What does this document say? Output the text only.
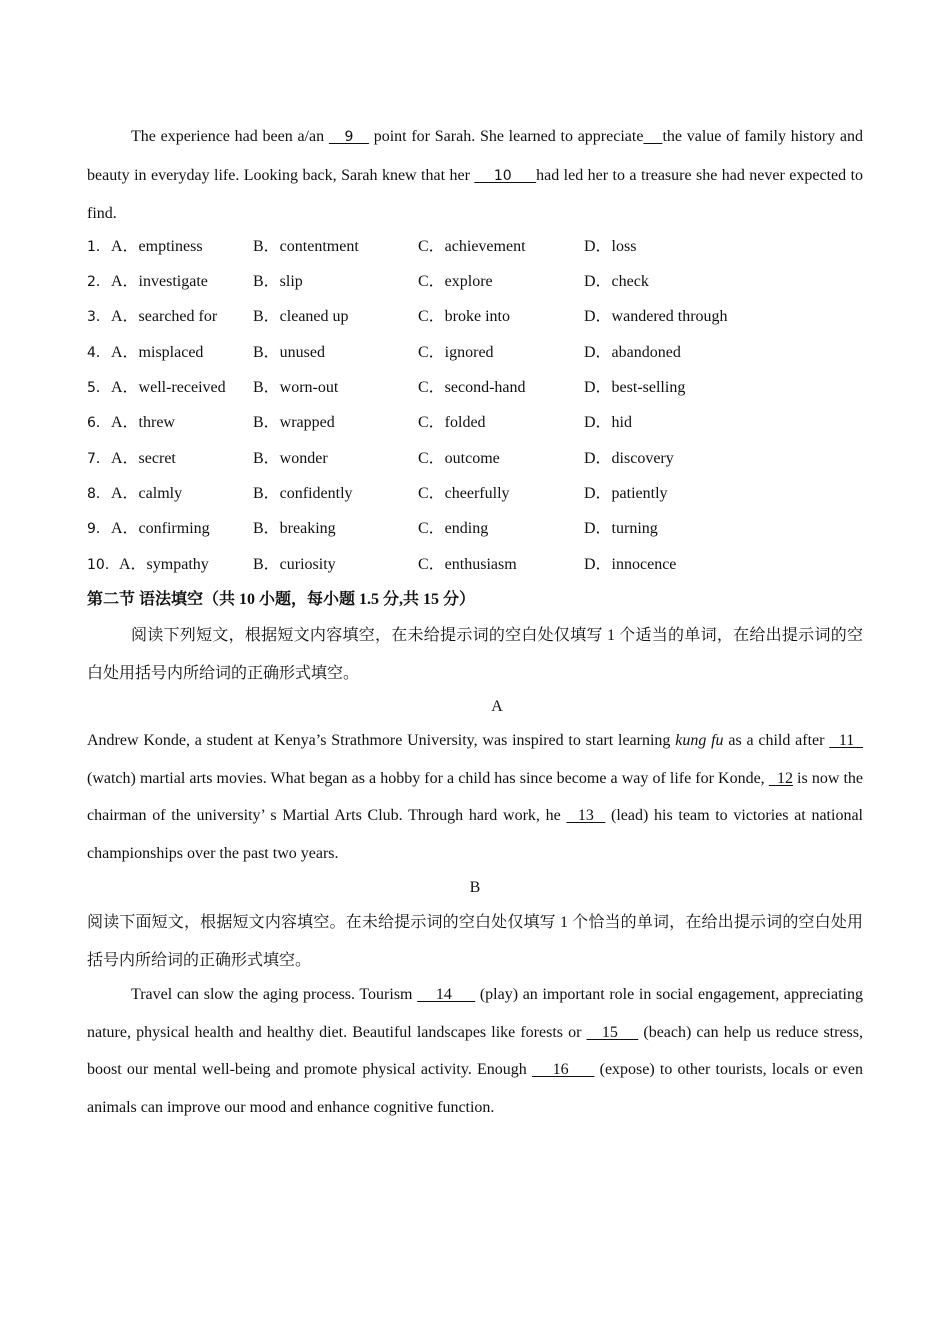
The experience had been a/an    9    point for Sarah. She learned to appreciate the value of family history and beauty in everyday life. Looking back, Sarah knew that her     10     had led her to a treasure she had never expected to find.

1． A．emptiness	B．contentment	C．achievement	D．loss
2． A．investigate	B．slip	C．explore	D．check
3． A．searched for B．cleaned up	C．broke into	D．wandered through
4． A．misplaced	B．unused	C．ignored	D．abandoned
5． A．well-received B．worn-out	C．second-hand	D．best-selling
6． A．threw	B．wrapped	C．folded	D．hid
7． A．secret	B．wonder	C．outcome	D．discovery
8． A．calmly	B．confidently	C．cheerfully	D．patiently
9． A．confirming	B．breaking	C．ending	D．turning
10． A．sympathy	B．curiosity	C．enthusiasm	D．innocence
第二节 语法填空（共 10 小题，每小题 1.5 分,共 15 分）

阅读下列短文，根据短文内容填空，在未给提示词的空白处仅填写 1 个适当的单词，在给出提示词的空白处用括号内所给词的正确形式填空。

A

Andrew Konde, a student at Kenya’s Strathmore University, was inspired to start learning kung fu as a child after   11   (watch) martial arts movies. What began as a hobby for a child has since become a way of life for Konde,   12 is now the chairman of the university’ s Martial Arts Club. Through hard work, he   13   (lead) his team to victories at national championships over the past two years.

B

阅读下面短文，根据短文内容填空。在未给提示词的空白处仅填写 1 个恰当的单词，在给出提示词的空白处用括号内所给词的正确形式填空。

Travel can slow the aging process. Tourism     14      (play) an important role in social engagement, appreciating nature, physical health and healthy diet. Beautiful landscapes like forests or    15     (beach) can help us reduce stress, boost our mental well-being and promote physical activity. Enough     16      (expose) to other tourists, locals or even animals can improve our mood and enhance cognitive function.
